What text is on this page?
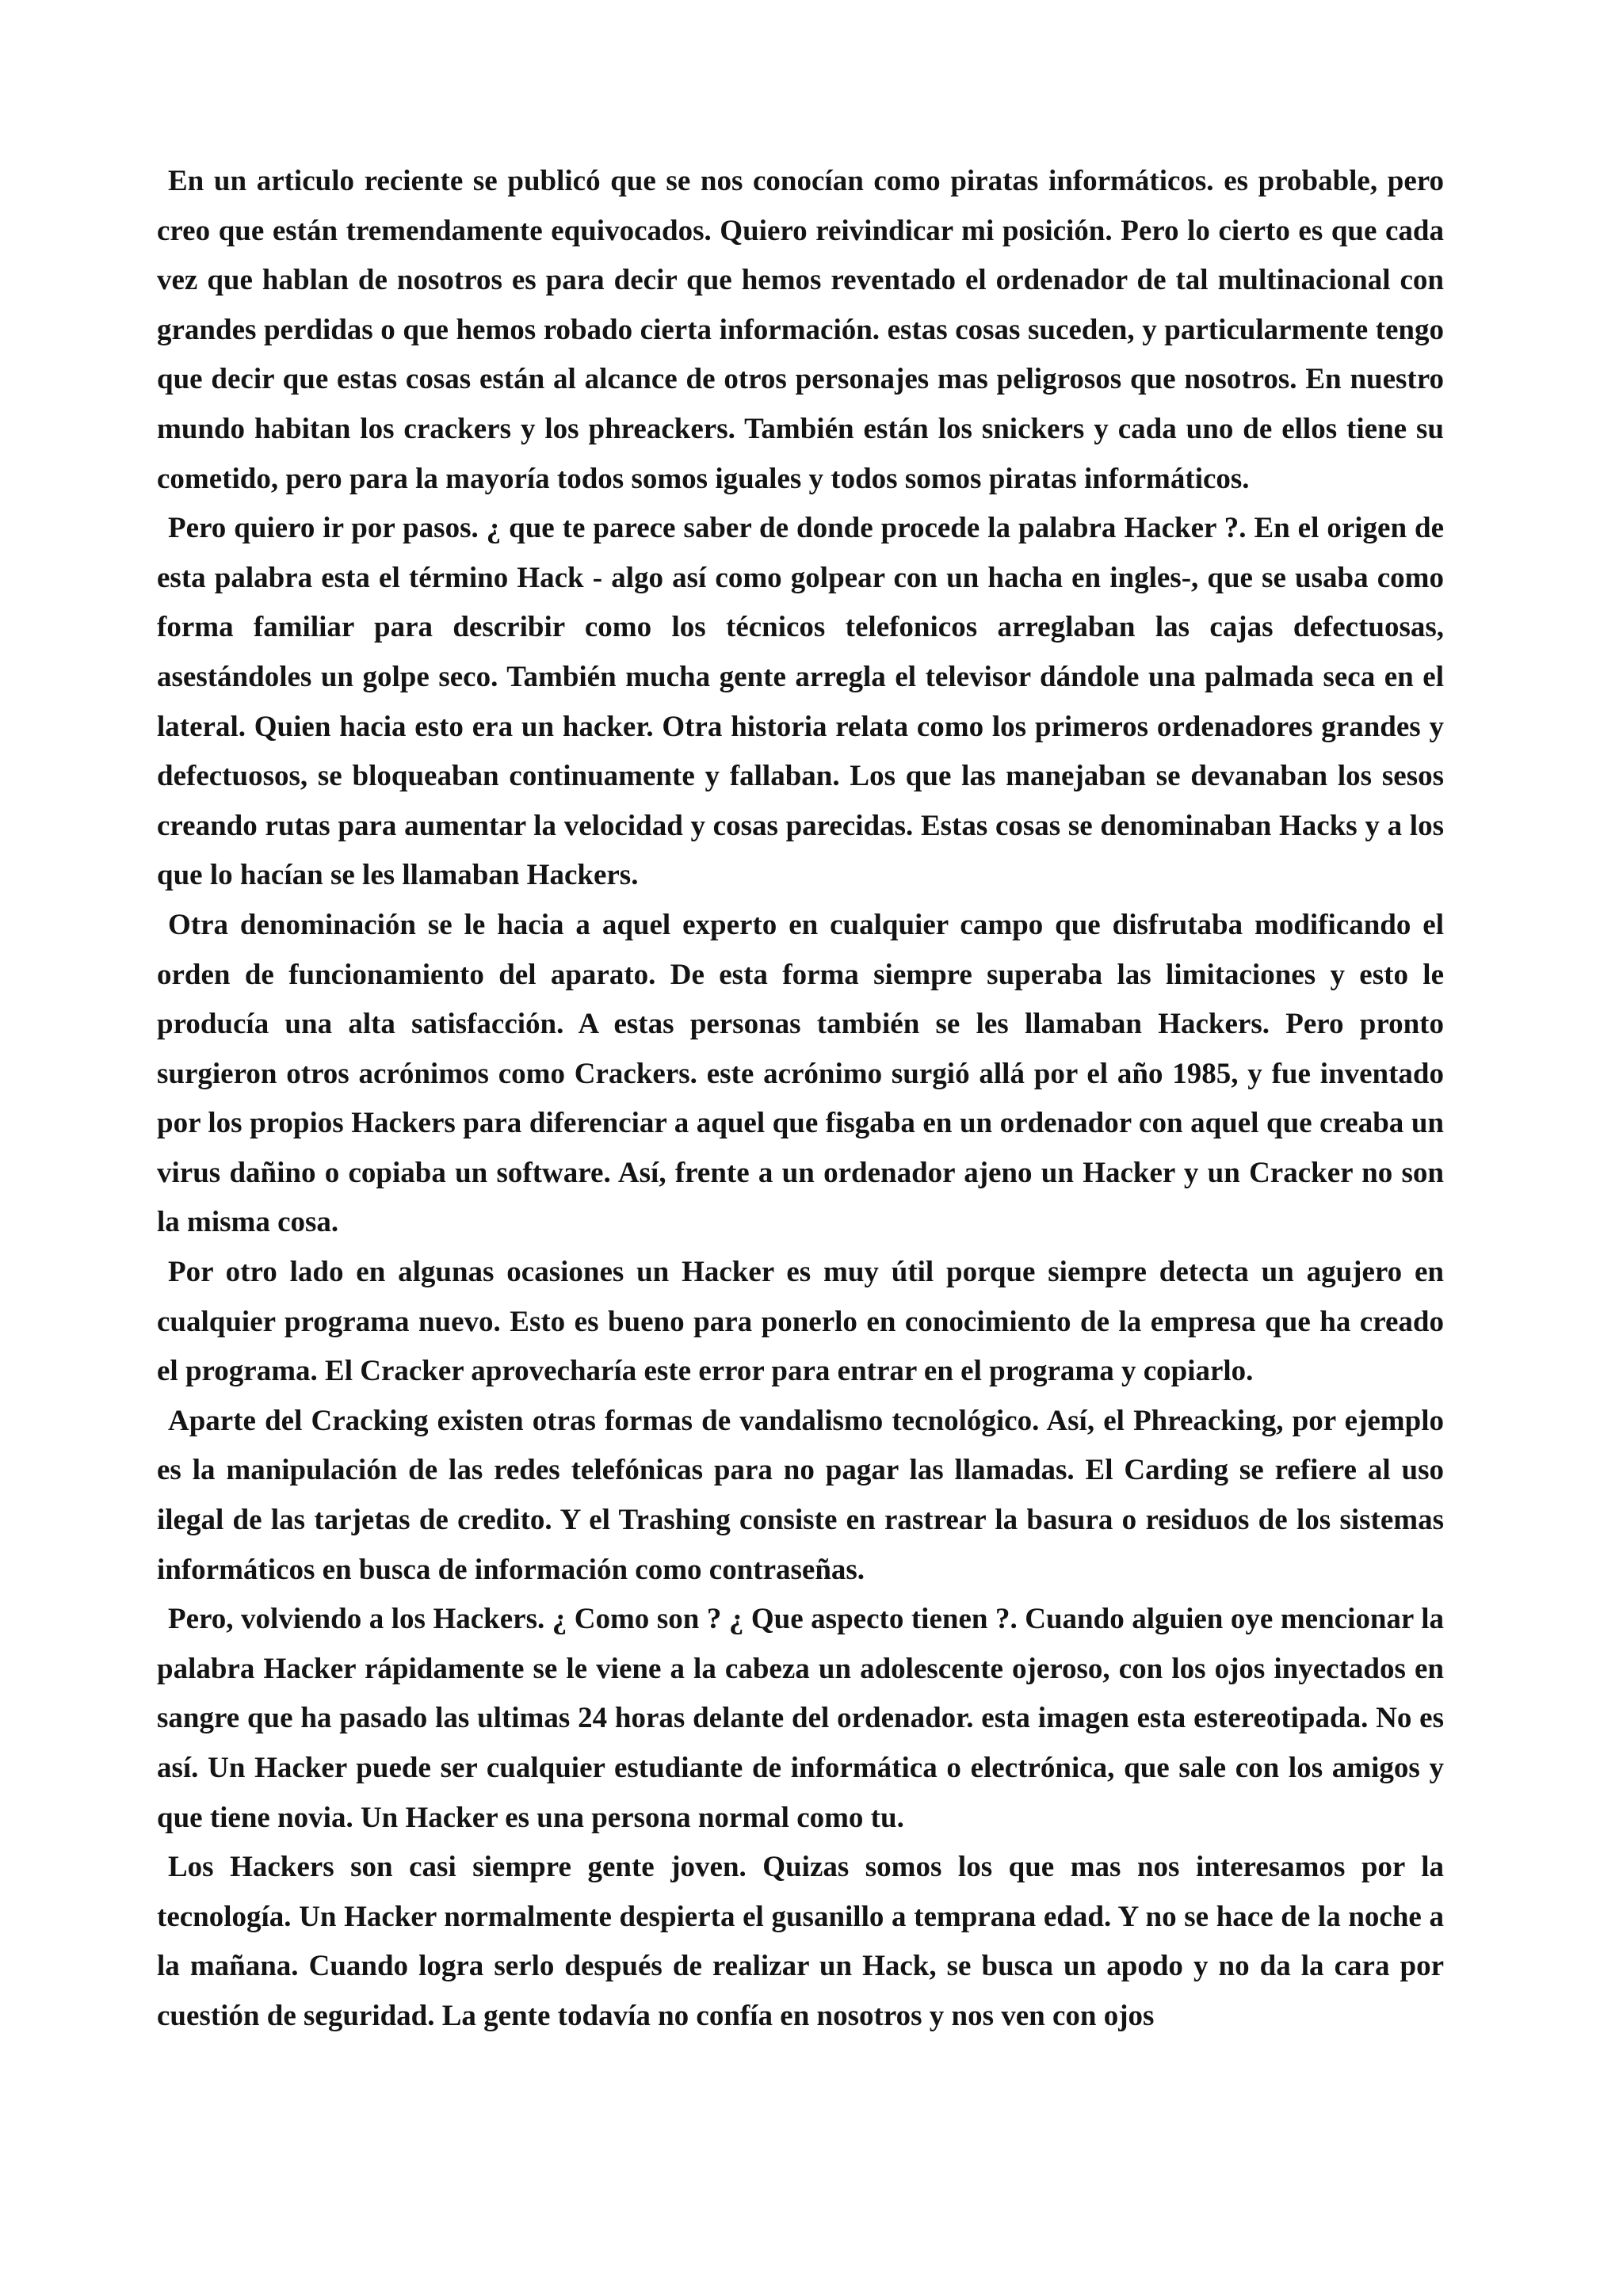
En un articulo reciente se publicó que se nos conocían como piratas informáticos. es probable, pero creo que están tremendamente equivocados. Quiero reivindicar mi posición. Pero lo cierto es que cada vez que hablan de nosotros es para decir que hemos reventado el ordenador de tal multinacional con grandes perdidas o que hemos robado cierta información. estas cosas suceden, y particularmente tengo que decir que estas cosas están al alcance de otros personajes mas peligrosos que nosotros. En nuestro mundo habitan los crackers y los phreackers. También están los snickers y cada uno de ellos tiene su cometido, pero para la mayoría todos somos iguales y todos somos piratas informáticos.

Pero quiero ir por pasos. ¿ que te parece saber de donde procede la palabra Hacker ?. En el origen de esta palabra esta el término Hack - algo así como golpear con un hacha en ingles-, que se usaba como forma familiar para describir como los técnicos telefonicos arreglaban las cajas defectuosas, asestándoles un golpe seco. También mucha gente arregla el televisor dándole una palmada seca en el lateral. Quien hacia esto era un hacker. Otra historia relata como los primeros ordenadores grandes y defectuosos, se bloqueaban continuamente y fallaban. Los que las manejaban se devanaban los sesos creando rutas para aumentar la velocidad y cosas parecidas. Estas cosas se denominaban Hacks y a los que lo hacían se les llamaban Hackers.

Otra denominación se le hacia a aquel experto en cualquier campo que disfrutaba modificando el orden de funcionamiento del aparato. De esta forma siempre superaba las limitaciones y esto le producía una alta satisfacción. A estas personas también se les llamaban Hackers. Pero pronto surgieron otros acrónimos como Crackers. este acrónimo surgió allá por el año 1985, y fue inventado por los propios Hackers para diferenciar a aquel que fisgaba en un ordenador con aquel que creaba un virus dañino o copiaba un software. Así, frente a un ordenador ajeno un Hacker y un Cracker no son la misma cosa.

Por otro lado en algunas ocasiones un Hacker es muy útil porque siempre detecta un agujero en cualquier programa nuevo. Esto es bueno para ponerlo en conocimiento de la empresa que ha creado el programa. El Cracker aprovecharía este error para entrar en el programa y copiarlo.

Aparte del Cracking existen otras formas de vandalismo tecnológico. Así, el Phreacking, por ejemplo es la manipulación de las redes telefónicas para no pagar las llamadas. El Carding se refiere al uso ilegal de las tarjetas de credito. Y el Trashing consiste en rastrear la basura o residuos de los sistemas informáticos en busca de información como contraseñas.

Pero, volviendo a los Hackers. ¿ Como son ? ¿ Que aspecto tienen ?. Cuando alguien oye mencionar la palabra Hacker rápidamente se le viene a la cabeza un adolescente ojeroso, con los ojos inyectados en sangre que ha pasado las ultimas 24 horas delante del ordenador. esta imagen esta estereotipada. No es así. Un Hacker puede ser cualquier estudiante de informática o electrónica, que sale con los amigos y que tiene novia. Un Hacker es una persona normal como tu.

Los Hackers son casi siempre gente joven. Quizas somos los que mas nos interesamos por la tecnología. Un Hacker normalmente despierta el gusanillo a temprana edad. Y no se hace de la noche a la mañana. Cuando logra serlo después de realizar un Hack, se busca un apodo y no da la cara por cuestión de seguridad. La gente todavía no confía en nosotros y nos ven con ojos
